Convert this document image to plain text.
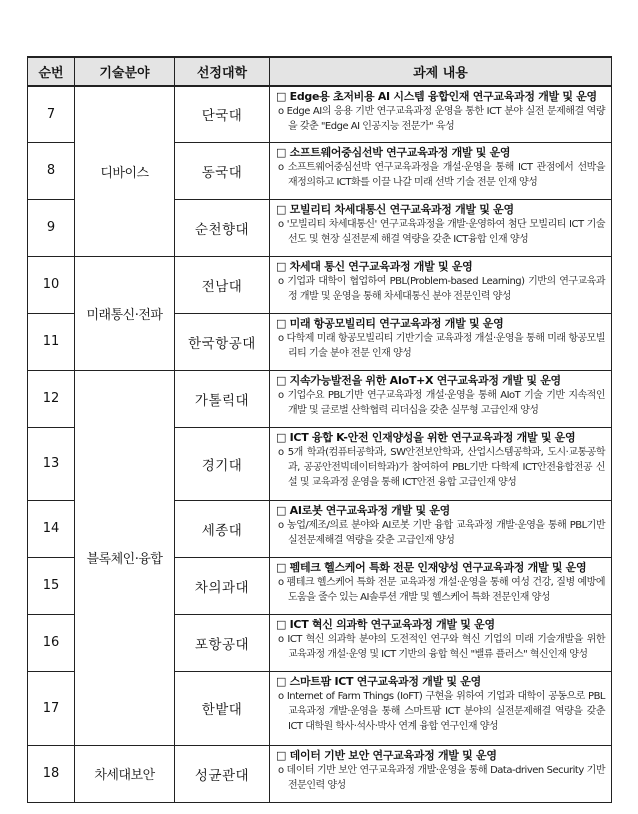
순번	기술분야	선정대학	과제 내용
7	디바이스	단국대	□ Edge용 초저비용 AI 시스템 융합인재 연구교육과정 개발 및 운영
o Edge AI의 응용 기반 연구교육과정 운영을 통한 ICT 분야 실전 문제해결 역량을 갖춘 "Edge AI 인공지능 전문가" 육성

8		동국대	□ 소프트웨어중심선박 연구교육과정 개발 및 운영
o 소프트웨어중심선박 연구교육과정을 개설·운영을 통해 ICT 관점에서 선박을 재정의하고 ICT화를 이끌 나갈 미래 선박 기술 전문 인재 양성

9		순천향대	□ 모빌리티 차세대통신 연구교육과정 개발 및 운영
o '모빌리티 차세대통신' 연구교육과정을 개발·운영하여 첨단 모빌리티 ICT 기술 선도 및 현장 실전문제 해결 역량을 갖춘 ICT융합 인재 양성

10	미래통신·전파	전남대	□ 차세대 통신 연구교육과정 개발 및 운영
o 기업과 대학이 협업하여 PBL(Problem-based Learning) 기반의 연구교육과정 개발 및 운영을 통해 차세대통신 분야 전문인력 양성

11		한국항공대	□ 미래 항공모빌리티 연구교육과정 개발 및 운영
o 다학제 미래 항공모빌리티 기반기술 교육과정 개설·운영을 통해 미래 항공모빌리티 기술 분야 전문 인재 양성

12	블록체인·융합	가톨릭대	□ 지속가능발전을 위한 AIoT+X 연구교육과정 개발 및 운영
o 기업수요 PBL기반 연구교육과정 개설·운영을 통해 AIoT 기술 기반 지속적인 개발 및 글로벌 산학협력 리더십을 갖춘 실무형 고급인재 양성

13		경기대	□ ICT 융합 K-안전 인재양성을 위한 연구교육과정 개발 및 운영
o 5개 학과(컴퓨터공학과, SW안전보안학과, 산업시스템공학과, 도시·교통공학과, 공공안전빅데이터학과)가 참여하여 PBL기반 다학제 ICT안전융합전공 신설 및 교육과정 운영을 통해 ICT안전 융합 고급인재 양성

14		세종대	□ AI로봇 연구교육과정 개발 및 운영
o 농업/제조/의료 분야와 AI로봇 기반 융합 교육과정 개발·운영을 통해 PBL기반 실전문제해결 역량을 갖춘 고급인재 양성

15		차의과대	□ 펨테크 헬스케어 특화 전문 인재양성 연구교육과정 개발 및 운영
o 펨테크 헬스케어 특화 전문 교육과정 개설·운영을 통해 여성 건강, 질병 예방에 도움을 줄수 있는 AI솔루션 개발 및 헬스케어 특화 전문인재 양성

16		포항공대	□ ICT 혁신 의과학 연구교육과정 개발 및 운영
o ICT 혁신 의과학 분야의 도전적인 연구와 혁신 기업의 미래 기술개발을 위한 교육과정 개설·운영 및 ICT 기반의 융합 혁신 "밸류 플러스" 혁신인재 양성

17		한밭대	□ 스마트팜 ICT 연구교육과정 개발 및 운영
o Internet of Farm Things (IoFT) 구현을 위하여 기업과 대학이 공동으로 PBL 교육과정 개발·운영을 통해 스마트팜 ICT 분야의 실전문제해결 역량을 갖춘 ICT 대학원 학사·석사·박사 연계 융합 연구인재 양성

18	차세대보안	성균관대	□ 데이터 기반 보안 연구교육과정 개발 및 운영
o 데이터 기반 보안 연구교육과정 개발·운영을 통해 Data-driven Security 기반 전문인력 양성
